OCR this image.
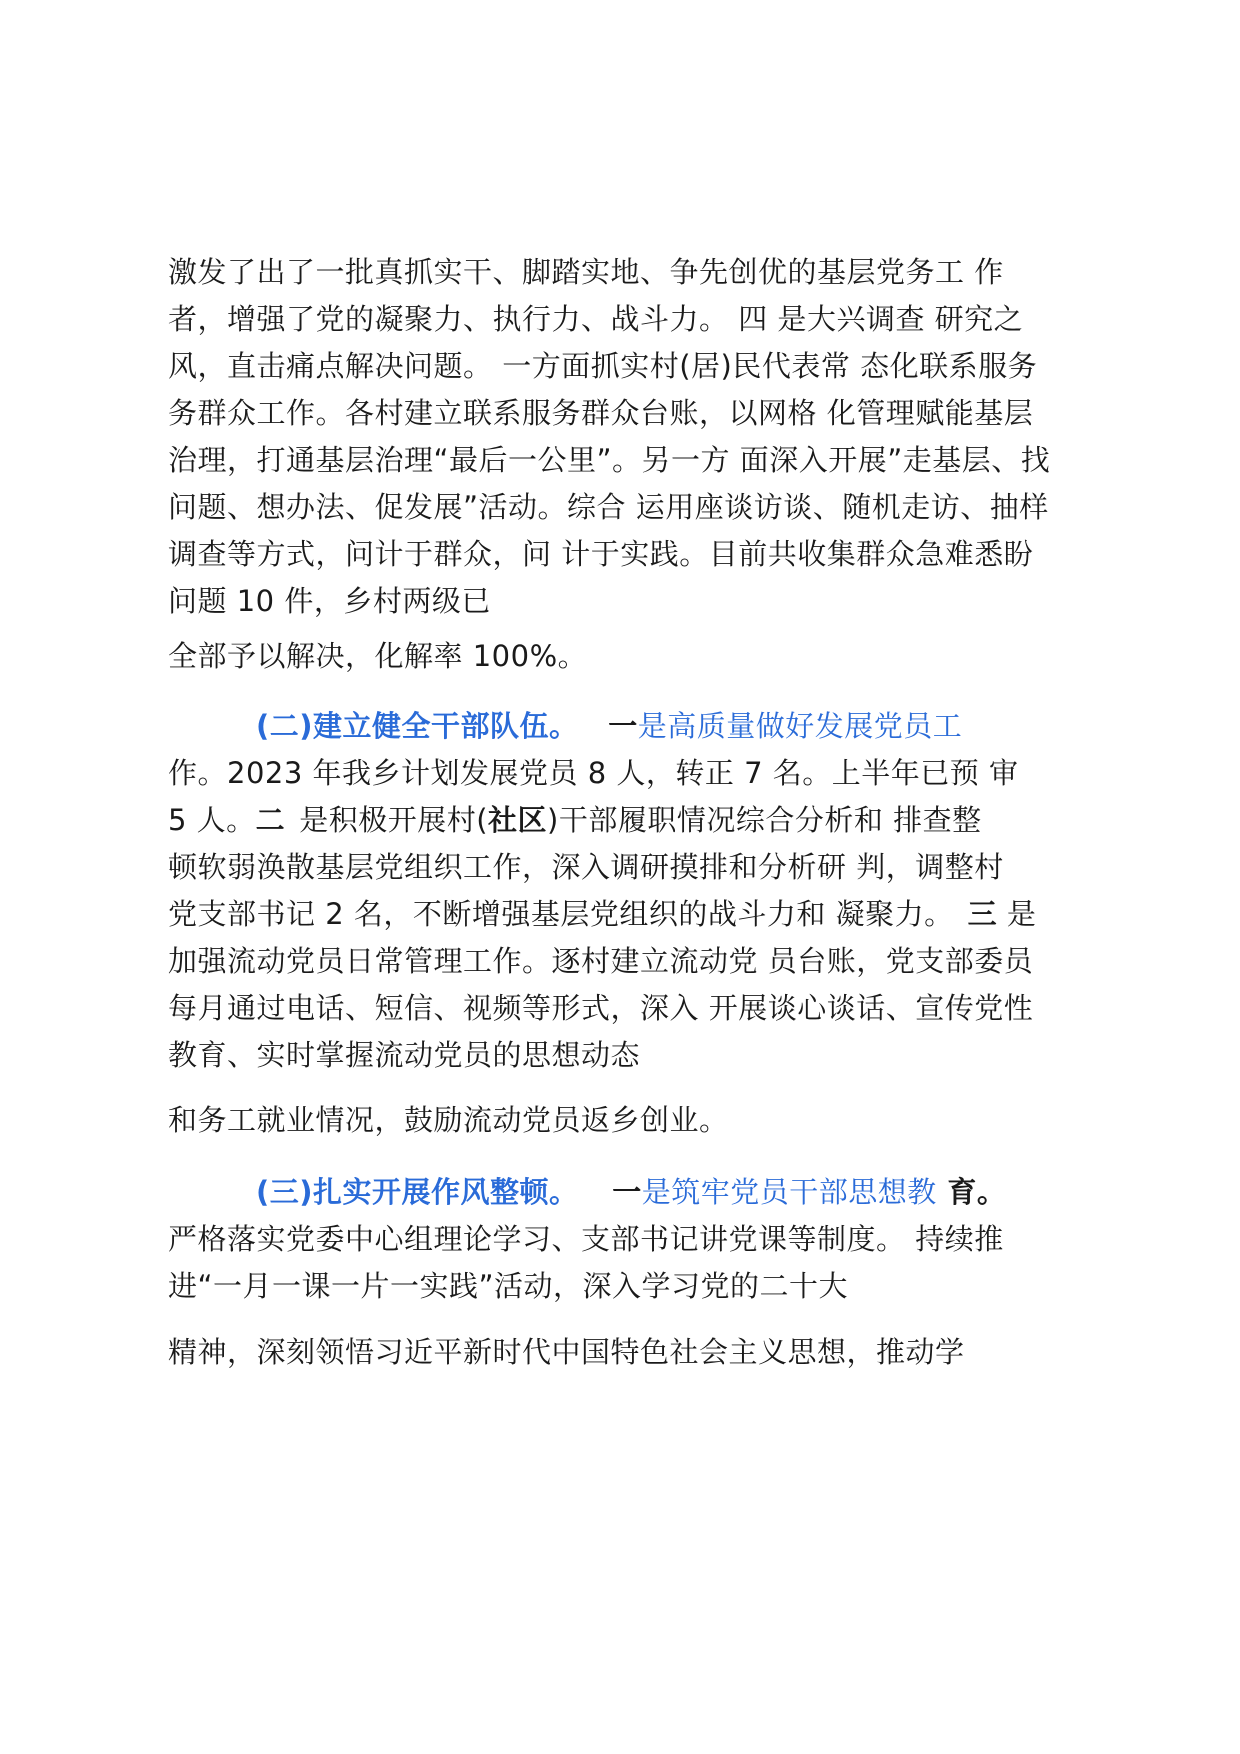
激发了出了一批真抓实干、脚踏实地、争先创优的基层党务工 作
者，增强了党的凝聚力、执行力、战斗力。 四 是大兴调查 研究之
风，直击痛点解决问题。 一方面抓实村(居)民代表常 态化联系服务
务群众工作。各村建立联系服务群众台账，以网格 化管理赋能基层
治理，打通基层治理“最后一公里”。另一方 面深入开展”走基层、找
问题、想办法、促发展”活动。综合 运用座谈访谈、随机走访、抽样
调查等方式，问计于群众，问 计于实践。目前共收集群众急难悉盼
问题 10 件，乡村两级已
全部予以解决，化解率 100%。
(二)建立健全干部队伍。 一是高质量做好发展党员工
作。2023 年我乡计划发展党员 8 人，转正 7 名。上半年已预 审
5 人。二 是积极开展村(社区)干部履职情况综合分析和 排查整
顿软弱涣散基层党组织工作，深入调研摸排和分析研 判，调整村
党支部书记 2 名，不断增强基层党组织的战斗力和 凝聚力。 三 是
加强流动党员日常管理工作。逐村建立流动党 员台账，党支部委员
每月通过电话、短信、视频等形式，深入 开展谈心谈话、宣传党性
教育、实时掌握流动党员的思想动态
和务工就业情况，鼓励流动党员返乡创业。
(三)扎实开展作风整顿。 一是筑牢党员干部思想教 育。
严格落实党委中心组理论学习、支部书记讲党课等制度。 持续推
进“一月一课一片一实践”活动，深入学习党的二十大
精神，深刻领悟习近平新时代中国特色社会主义思想，推动学
